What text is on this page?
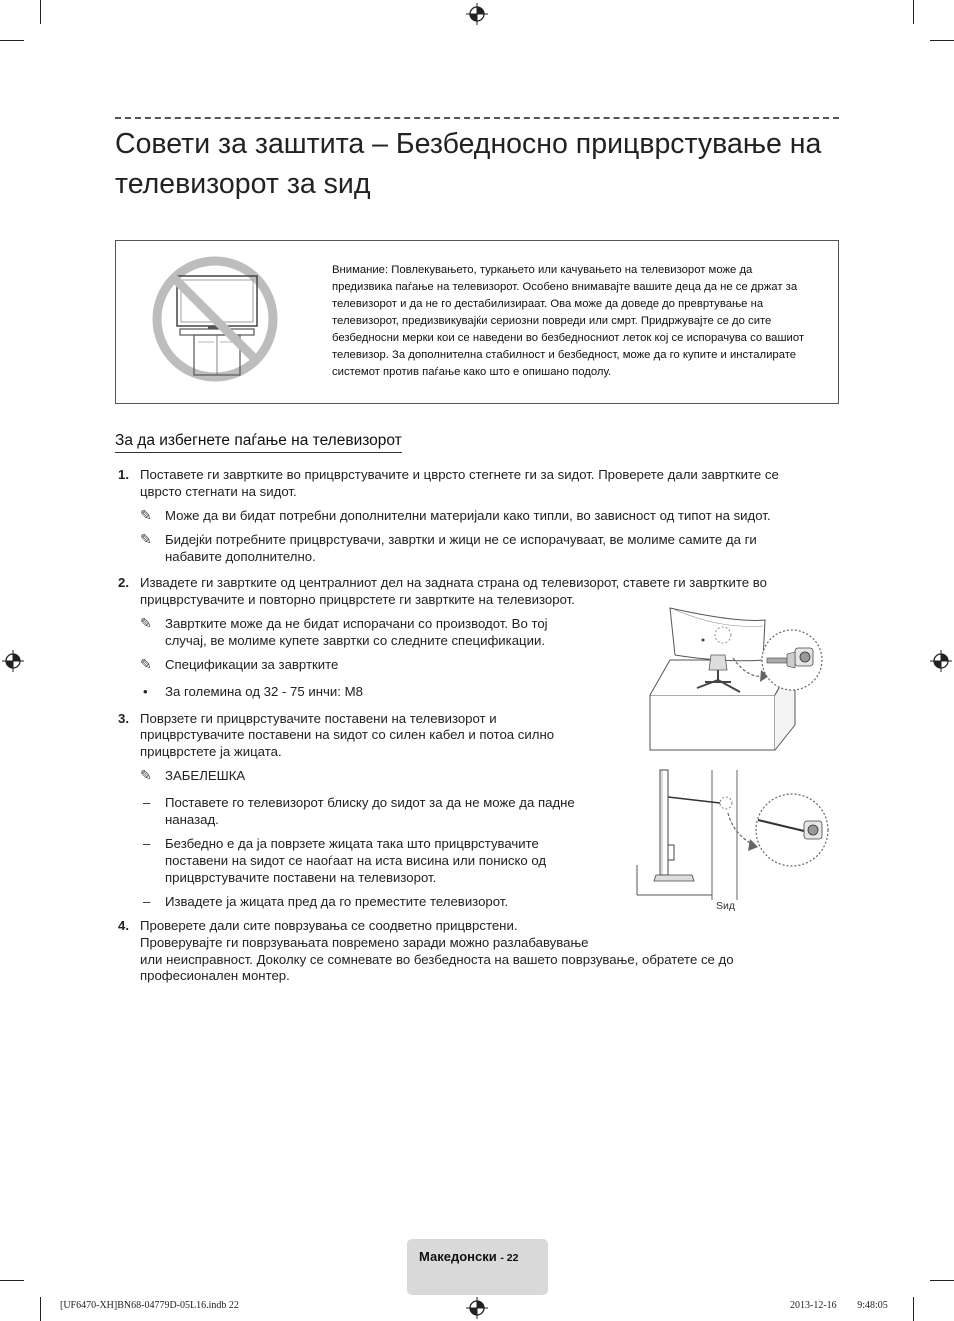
Совети за заштита – Безбедносно прицврстување на телевизорот за ѕид
Внимание: Повлекувањето, туркањето или качувањето на телевизорот може да предизвика паѓање на телевизорот. Особено внимавајте вашите деца да не се држат за телевизорот и да не го дестабилизираат. Ова може да доведе до превртување на телевизорот, предизвикувајќи сериозни повреди или смрт. Придржувајте се до сите безбедносни мерки кои се наведени во безбедносниот леток кој се испорачува со вашиот телевизор. За дополнителна стабилност и безбедност, може да го купите и инсталирате системот против паѓање како што е опишано подолу.
За да избегнете паѓање на телевизорот
1. Поставете ги завртките во прицврстувачите и цврсто стегнете ги за ѕидот. Проверете дали завртките се
цврсто стегнати на ѕидот.
✎ Може да ви бидат потребни дополнителни материјали како типли, во зависност од типот на ѕидот.
✎ Бидејќи потребните прицврстувачи, завртки и жици не се испорачуваат, ве молиме самите да ги
набавите дополнително.
2. Извадете ги завртките од централниот дел на задната страна од телевизорот, ставете ги завртките во
прицврстувачите и повторно прицврстете ги завртките на телевизорот.
✎ Завртките може да не бидат испорачани со производот. Во тој
случај, ве молиме купете завртки со следните спецификации.
✎ Спецификации за завртките
• За големина од 32 - 75 инчи: M8
3. Поврзете ги прицврстувачите поставени на телевизорот и
прицврстувачите поставени на ѕидот со силен кабел и потоа силно
прицврстете ја жицата.
✎ ЗАБЕЛЕШКА
– Поставете го телевизорот блиску до ѕидот за да не може да падне
наназад.
– Безбедно е да ја поврзете жицата така што прицврстувачите
поставени на ѕидот се наоѓаат на иста висина или пониско од
прицврстувачите поставени на телевизорот.
– Извадете ја жицата пред да го преместите телевизорот.
4. Проверете дали сите поврзувања се соодветно прицврстени.
Проверувајте ги поврзувањата повремено заради можно разлабавување
или неисправност. Доколку се сомневате во безбедноста на вашето поврзување, обратете се до
професионален монтер.
Ѕид
Македонски - 22
[UF6470-XH]BN68-04779D-05L16.indb 22	2013-12-16 ￿￿ 9:48:05
